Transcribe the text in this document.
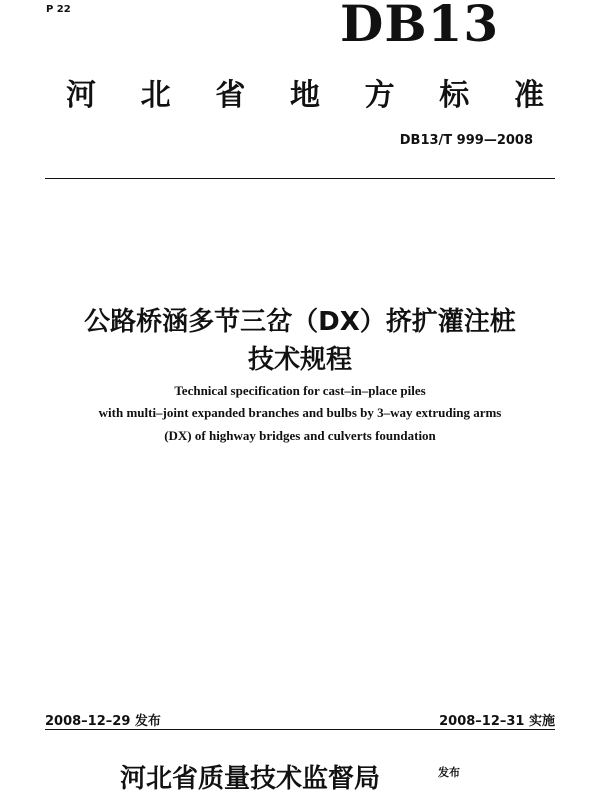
P 22	DB13
河 北 省 地 方 标 准
DB13/T 999—2008
公路桥涵多节三岔（DX）挤扩灌注桩
技术规程
Technical specification for cast–in–place piles
with multi–joint expanded branches and bulbs by 3–way extruding arms
(DX) of highway bridges and culverts foundation
2008–12–29 发布	2008–12–31 实施
河北省质量技术监督局	发布
